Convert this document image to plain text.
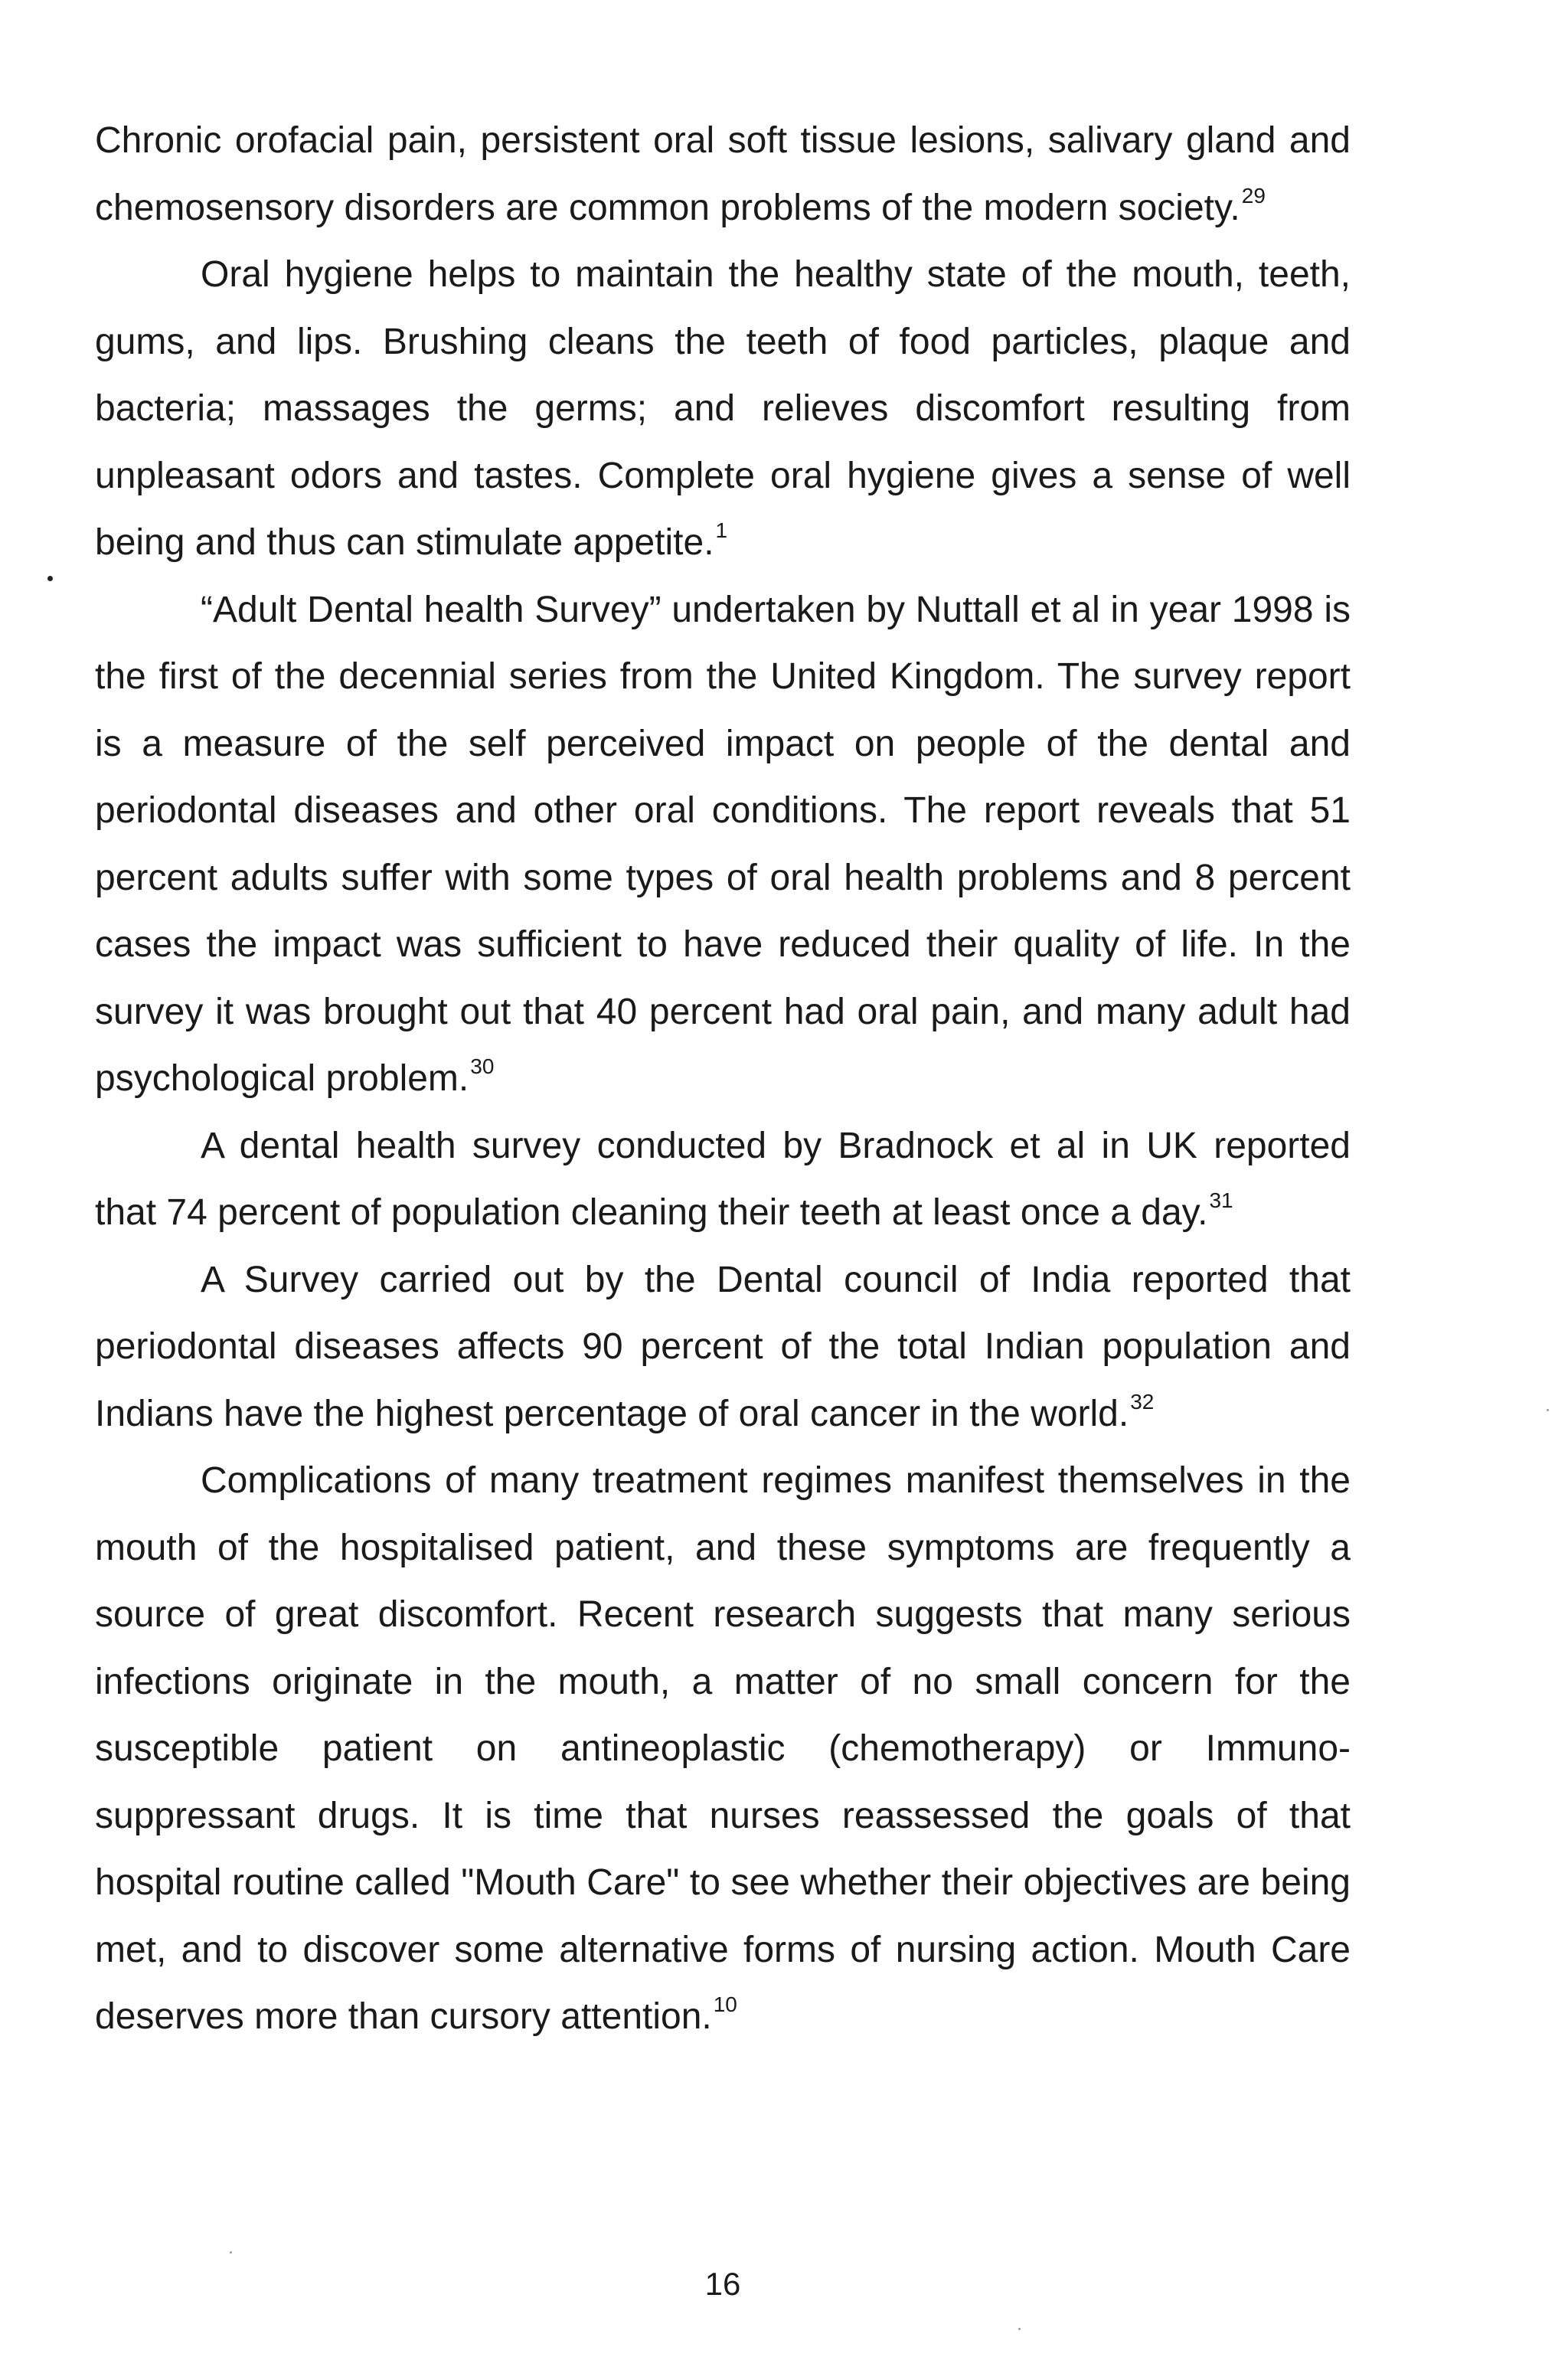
Chronic orofacial pain, persistent oral soft tissue lesions, salivary gland and chemosensory disorders are common problems of the modern society.$^{29}$

Oral hygiene helps to maintain the healthy state of the mouth, teeth, gums, and lips. Brushing cleans the teeth of food particles, plaque and bacteria; massages the germs; and relieves discomfort resulting from unpleasant odors and tastes. Complete oral hygiene gives a sense of well being and thus can stimulate appetite.$^1$

“Adult Dental health Survey” undertaken by Nuttall et al in year 1998 is the first of the decennial series from the United Kingdom. The survey report is a measure of the self perceived impact on people of the dental and periodontal diseases and other oral conditions. The report reveals that 51 percent adults suffer with some types of oral health problems and 8 percent cases the impact was sufficient to have reduced their quality of life. In the survey it was brought out that 40 percent had oral pain, and many adult had psychological problem.$^{30}$

A dental health survey conducted by Bradnock et al in UK reported that 74 percent of population cleaning their teeth at least once a day.$^{31}$

A Survey carried out by the Dental council of India reported that periodontal diseases affects 90 percent of the total Indian population and Indians have the highest percentage of oral cancer in the world.$^{32}$

Complications of many treatment regimes manifest themselves in the mouth of the hospitalised patient, and these symptoms are frequently a source of great discomfort. Recent research suggests that many serious infections originate in the mouth, a matter of no small concern for the susceptible patient on antineoplastic (chemotherapy) or Immuno-suppressant drugs. It is time that nurses reassessed the goals of that hospital routine called "Mouth Care" to see whether their objectives are being met, and to discover some alternative forms of nursing action. Mouth Care deserves more than cursory attention.$^{10}$

16
